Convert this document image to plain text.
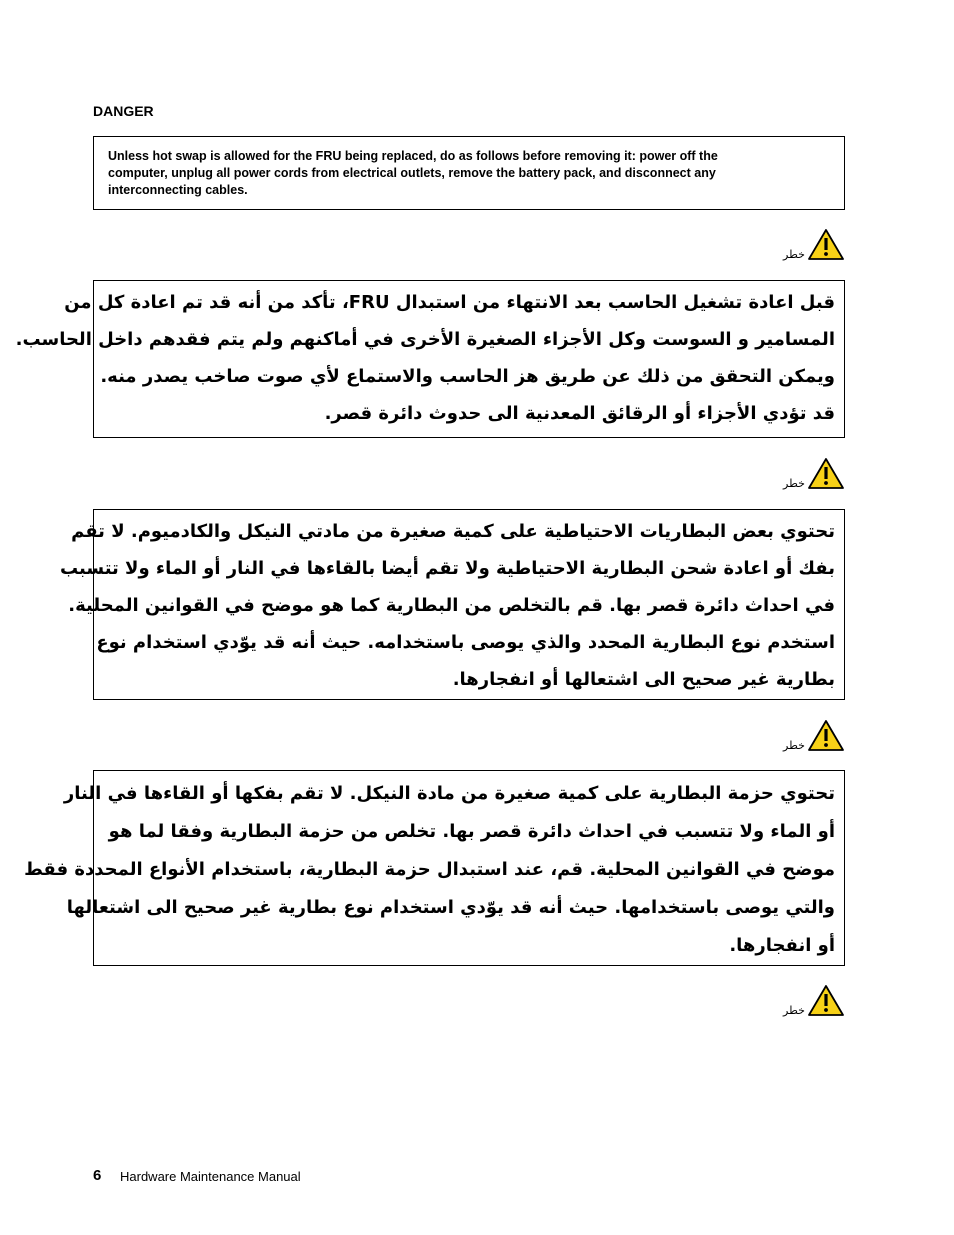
DANGER
Unless hot swap is allowed for the FRU being replaced, do as follows before removing it: power off the
computer, unplug all power cords from electrical outlets, remove the battery pack, and disconnect any
interconnecting cables.
خطر
قبل اعادة تشغيل الحاسب بعد الانتهاء من استبدال FRU، تأكد من أنه قد تم اعادة كل من
المسامير و السوست وكل الأجزاء الصغيرة الأخرى في أماكنهم ولم يتم فقدهم داخل الحاسب.
ويمكن التحقق من ذلك عن طريق هز الحاسب والاستماع لأي صوت صاخب يصدر منه.
قد تؤدي الأجزاء أو الرقائق المعدنية الى حدوث دائرة قصر.
خطر
تحتوي بعض البطاريات الاحتياطية على كمية صغيرة من مادتي النيكل والكادميوم. لا تقم
بفك أو اعادة شحن البطارية الاحتياطية ولا تقم أيضا بالقاءها في النار أو الماء ولا تتسبب
في احداث دائرة قصر بها. قم بالتخلص من البطارية كما هو موضح في القوانين المحلية.
استخدم نوع البطارية المحدد والذي يوصى باستخدامه. حيث أنه قد يوّدي استخدام نوع
بطارية غير صحيح الى اشتعالها أو انفجارها.
خطر
تحتوي حزمة البطارية على كمية صغيرة من مادة النيكل. لا تقم بفكها أو القاءها في النار
أو الماء ولا تتسبب في احداث دائرة قصر بها. تخلص من حزمة البطارية وفقا لما هو
موضح في القوانين المحلية. قم، عند استبدال حزمة البطارية، باستخدام الأنواع المحددة فقط
والتي يوصى باستخدامها. حيث أنه قد يوّدي استخدام نوع بطارية غير صحيح الى اشتعالها
أو انفجارها.
خطر
6 Hardware Maintenance Manual
